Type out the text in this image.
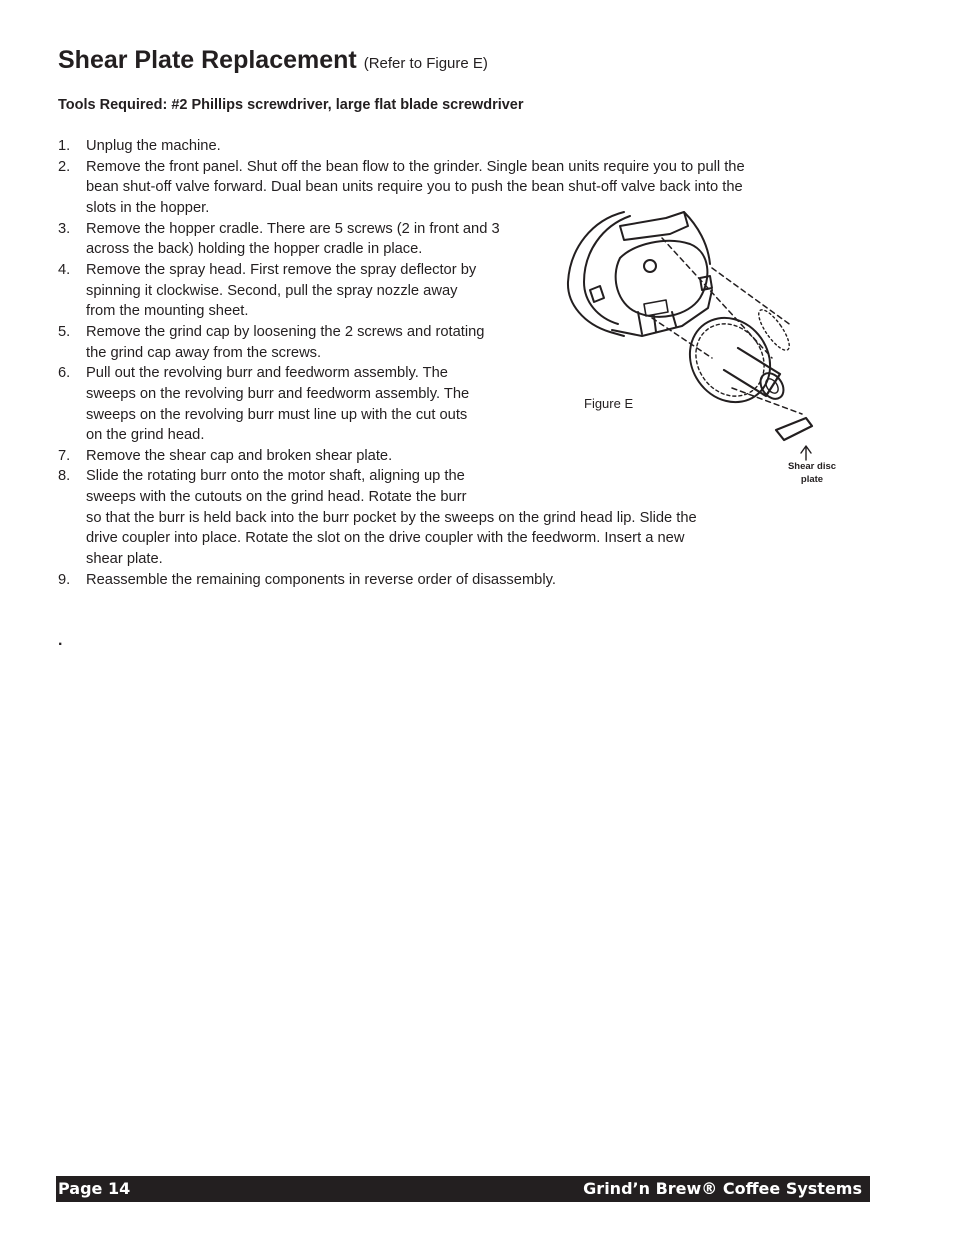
Shear Plate Replacement (Refer to Figure E)

Tools Required: #2 Phillips screwdriver, large flat blade screwdriver

1. Unplug the machine.
2. Remove the front panel. Shut off the bean flow to the grinder. Single bean units require you to pull the
bean shut-off valve forward. Dual bean units require you to push the bean shut-off valve back into the
slots in the hopper.
3. Remove the hopper cradle. There are 5 screws (2 in front and 3
across the back) holding the hopper cradle in place.
4. Remove the spray head. First remove the spray deflector by
spinning it clockwise. Second, pull the spray nozzle away
from the mounting sheet.
5. Remove the grind cap by loosening the 2 screws and rotating
the grind cap away from the screws.
6. Pull out the revolving burr and feedworm assembly. The
sweeps on the revolving burr and feedworm assembly. The
sweeps on the revolving burr must line up with the cut outs
on the grind head.
7. Remove the shear cap and broken shear plate.
8. Slide the rotating burr onto the motor shaft, aligning up the
sweeps with the cutouts on the grind head. Rotate the burr
so that the burr is held back into the burr pocket by the sweeps on the grind head lip. Slide the
drive coupler into place. Rotate the slot on the drive coupler with the feedworm. Insert a new
shear plate.
9. Reassemble the remaining components in reverse order of disassembly.
.
Figure E
Shear disc plate
Page 14	Grind’n Brew® Coffee Systems
